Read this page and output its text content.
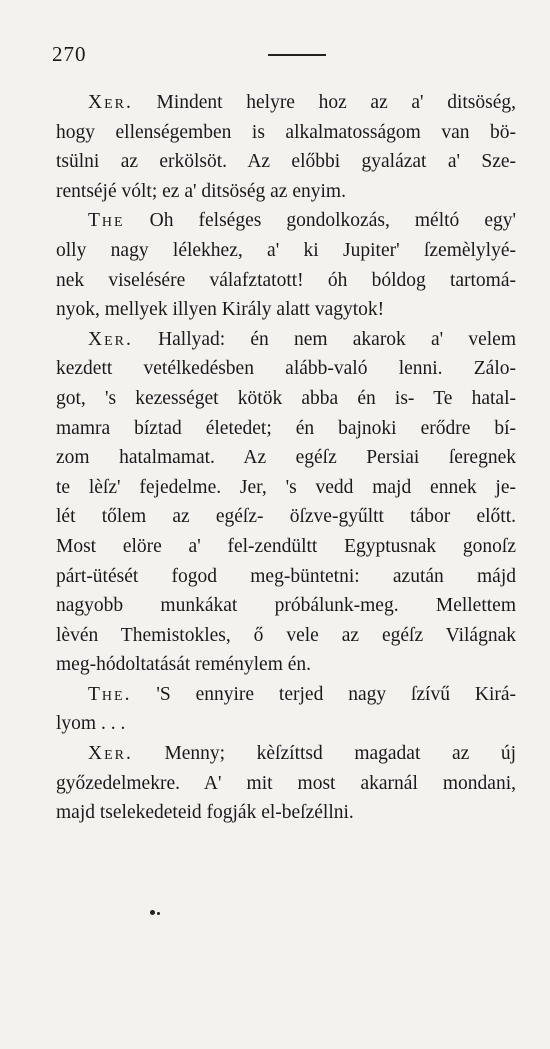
270
Xer. Mindent helyre hoz az a' ditsöség,
hogy ellenségemben is alkalmatosságom van bö-
tsülni az erkölsöt. Az előbbi gyalázat a' Sze-
rentséjé vólt; ez a' ditsöség az enyim.
The Oh felséges gondolkozás, méltó egy'
olly nagy lélekhez, a' ki Jupiter' ſzemèlylyé-
nek viselésére válafztatott! óh bóldog tartomá-
nyok, mellyek illyen Király alatt vagytok!
Xer. Hallyad: én nem akarok a' velem
kezdett vetélkedésben alább-való lenni. Zálo-
got, 's kezességet kötök abba én is- Te hatal-
mamra bíztad életedet; én bajnoki erődre bí-
zom hatalmamat. Az egéſz Persiai ſeregnek
te lèſz' fejedelme. Jer, 's vedd majd ennek je-
lét tőlem az egéſz- öſzve-gyűltt tábor előtt.
Most elöre a' fel-zendültt Egyptusnak gonoſz
párt-ütését fogod meg-büntetni: azután májd
nagyobb munkákat próbálunk-meg. Mellettem
lèvén Themistokles, ő vele az egéſz Világnak
meg-hódoltatását reménylem én.
The. 'S ennyire terjed nagy ſzívű Kirá-
lyom . . .
Xer. Menny; kèſzíttsd magadat az új
győzedelmekre. A' mit most akarnál mondani,
majd tselekedeteid fogják el-beſzéllni.
